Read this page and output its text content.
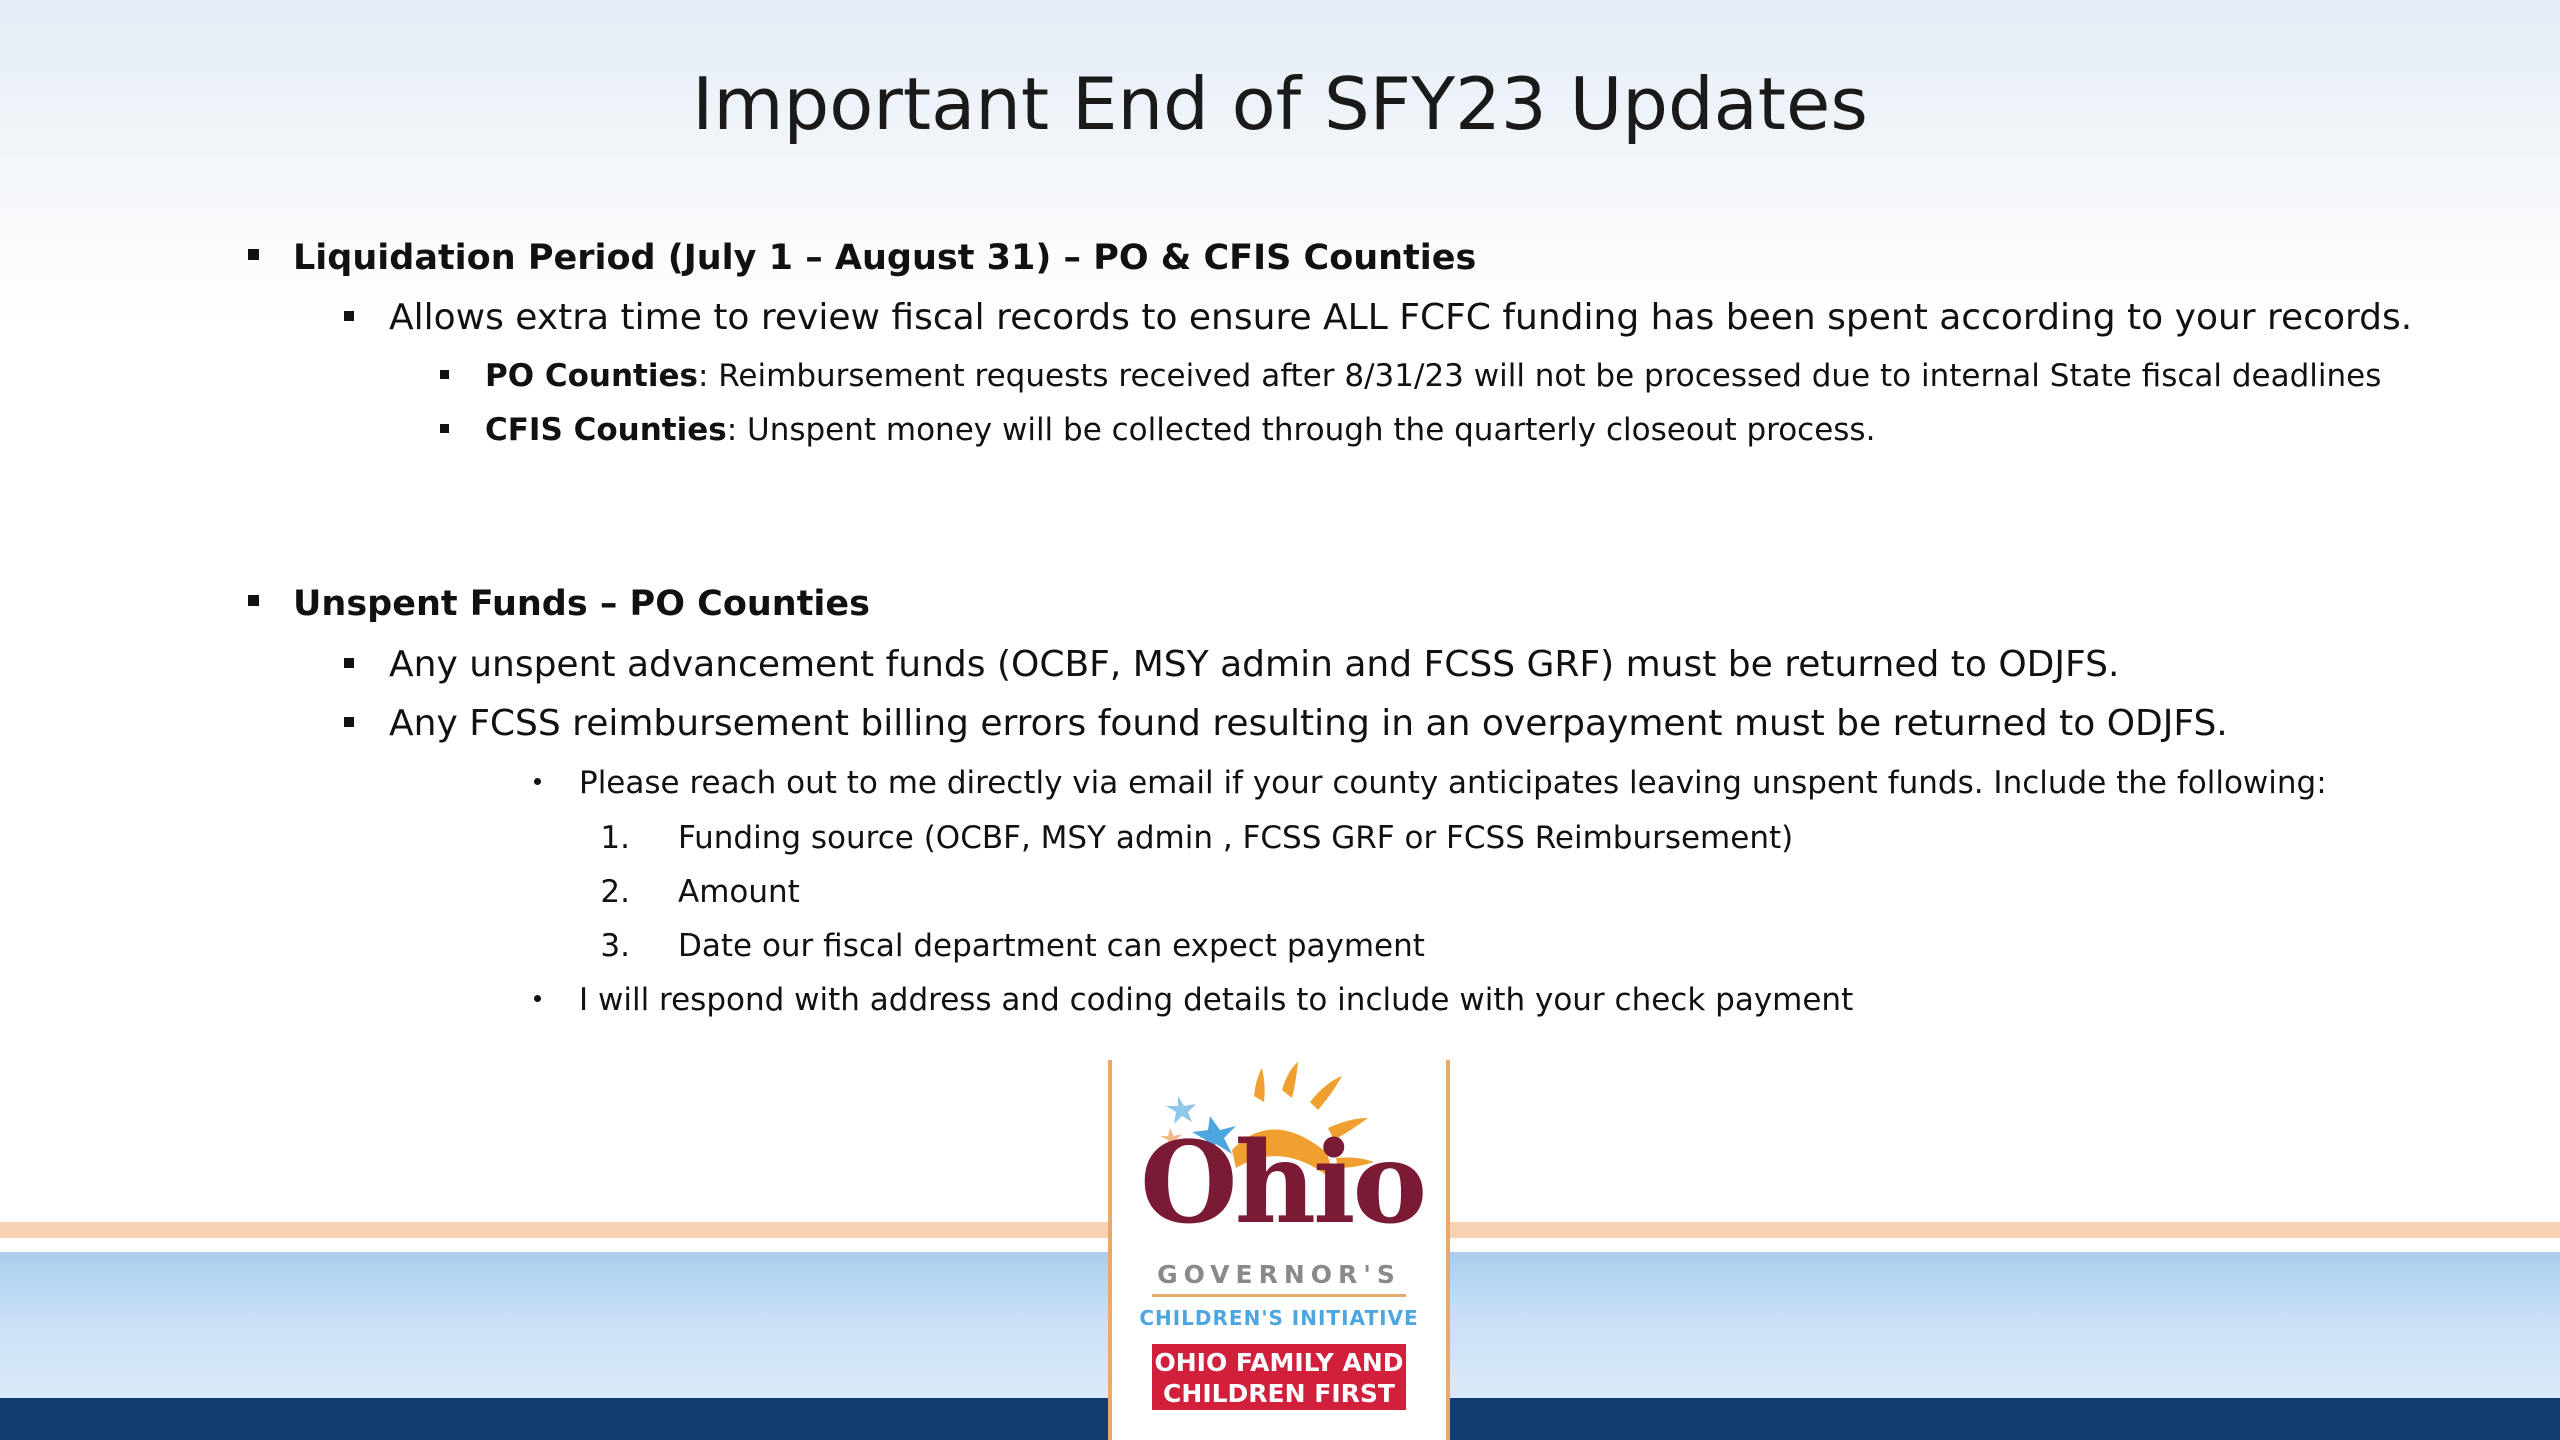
Important End of SFY23 Updates
Liquidation Period (July 1 – August 31) – PO & CFIS Counties
Allows extra time to review fiscal records to ensure ALL FCFC funding has been spent according to your records.
PO Counties: Reimbursement requests received after 8/31/23 will not be processed due to internal State fiscal deadlines
CFIS Counties: Unspent money will be collected through the quarterly closeout process.
Unspent Funds – PO Counties
Any unspent advancement funds (OCBF, MSY admin and FCSS GRF) must be returned to ODJFS.
Any FCSS reimbursement billing errors found resulting in an overpayment must be returned to ODJFS.
Please reach out to me directly via email if your county anticipates leaving unspent funds. Include the following:
1. Funding source (OCBF, MSY admin , FCSS GRF or FCSS Reimbursement)
2. Amount
3. Date our fiscal department can expect payment
I will respond with address and coding details to include with your check payment
Ohio
GOVERNOR'S
CHILDREN'S INITIATIVE
OHIO FAMILY AND
CHILDREN FIRST
